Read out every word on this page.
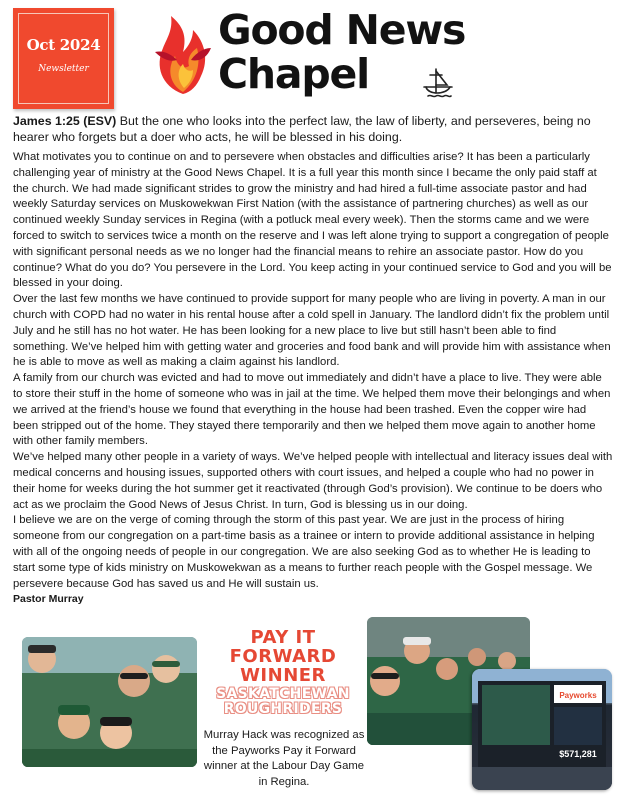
Oct 2024
Newsletter
Good News
Chapel

James 1:25 (ESV) But the one who looks into the perfect law, the law of liberty, and perseveres, being no hearer who forgets but a doer who acts, he will be blessed in his doing.

What motivates you to continue on and to persevere when obstacles and difficulties arise? It has been a particularly challenging year of ministry at the Good News Chapel. It is a full year this month since I became the only paid staff at the church. We had made significant strides to grow the ministry and had hired a full-time associate pastor and had weekly Saturday services on Muskowekwan First Nation (with the assistance of partnering churches) as well as our continued weekly Sunday services in Regina (with a potluck meal every week). Then the storms came and we were forced to switch to services twice a month on the reserve and I was left alone trying to support a congregation of people with significant personal needs as we no longer had the financial means to rehire an associate pastor. How do you continue? What do you do? You persevere in the Lord. You keep acting in your continued service to God and you will be blessed in your doing.

Over the last few months we have continued to provide support for many people who are living in poverty. A man in our church with COPD had no water in his rental house after a cold spell in January. The landlord didn’t fix the problem until July and he still has no hot water. He has been looking for a new place to live but still hasn’t been able to find something. We’ve helped him with getting water and groceries and food bank and will provide him with assistance when he is able to move as well as making a claim against his landlord.

A family from our church was evicted and had to move out immediately and didn’t have a place to live. They were able to store their stuff in the home of someone who was in jail at the time. We helped them move their belongings and when we arrived at the friend’s house we found that everything in the house had been trashed. Even the copper wire had been stripped out of the home. They stayed there temporarily and then we helped them move again to another home with other family members.

We’ve helped many other people in a variety of ways. We’ve helped people with intellectual and literacy issues deal with medical concerns and housing issues, supported others with court issues, and helped a couple who had no power in their home for weeks during the hot summer get it reactivated (through God’s provision). We continue to be doers who act as we proclaim the Good News of Jesus Christ. In turn, God is blessing us in our doing.

I believe we are on the verge of coming through the storm of this past year. We are just in the process of hiring someone from our congregation on a part-time basis as a trainee or intern to provide additional assistance in helping with all of the ongoing needs of people in our congregation. We are also seeking God as to whether He is leading to start some type of kids ministry on Muskowekwan as a means to further reach people with the Gospel message. We persevere because God has saved us and He will sustain us.

Pastor Murray

PAY IT
FORWARD
WINNER
SASKATCHEWAN
ROUGHRIDERS

Murray Hack was recognized as the Payworks Pay it Forward winner at the Labour Day Game in Regina.

Payworks
$571,281
